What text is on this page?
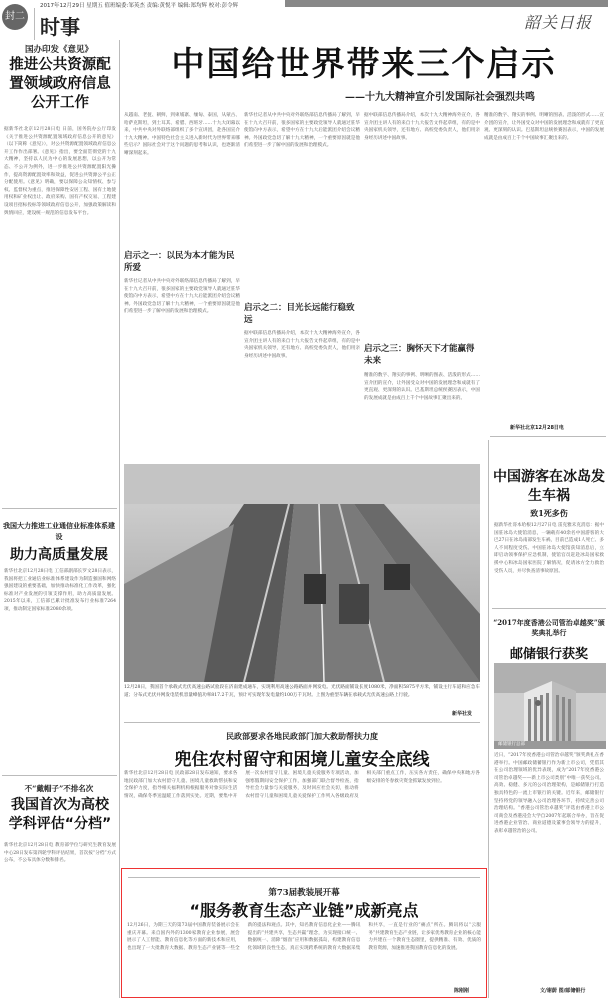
封二
2017年12月29日 星期五 值班编委:邹英杰 责编:黄悦平 编辑:郑均辉 校对:彭令辉
时事	韶关日报
国办印发《意见》
推进公共资源配置领域政府信息公开工作
据新华社北京12月28日电 日前，国务院办公厅印发《关于推进公共资源配置领域政府信息公开的意见》（以下简称《意见》），对公共资源配置领域政府信息公开工作作出部署。《意见》指出，要全面贯彻党的十九大精神，坚持以人民为中心的发展思想，以公开为常态、不公开为例外，进一步推进公共资源配置阳光操作，提高资源配置效率和效益，促进公共资源公平公正分配使用。《意见》明确，要以保障公众知情权、参与权、监督权为重点，推进保障性安居工程、国有土地使用权和矿业权出让、政府采购、国有产权交易、工程建设项目招标投标等领域政府信息公开，加强政策解读和舆情回应，建设统一规范的信息发布平台。
我国大力推进工业通信业标准体系建设
助力高质量发展
新华社北京12月28日电 工信部副部长罗文28日表示，我国将把工业通信业标准体系建设作为制造强国和网络强国建设的重要基础，加快推动标准化工作改革，强化标准对产业发展的引领支撑作用，助力高质量发展。2015年以来，工信部已累计批准发布行业标准7264项，推动制定国家标准2080余项。
不“戴帽子”不排名次
我国首次为高校学科评估“分档”
新华社北京12月28日电 教育部学位与研究生教育发展中心28日发布第四轮学科评估结果，首次按“分档”方式公布，不公布具体分数和排名。
中国给世界带来三个启示
——十九大精神宣介引发国际社会强烈共鸣
从越南、老挝、朝鲜，到柬埔寨、缅甸、泰国，从蒙古、哈萨克斯坦，到土耳其、希腊、西班牙……十九大闭幕以来，中共中央对外联络部组织了多个宣讲团，赴各国宣介十九大精神。中国特色社会主义进入新时代为世界带来哪些启示？国际社会对于这个问题的思考和认识，也逐渐清晰深刻起来。
启示之一：以民为本才能为民所爱
新华社记者从中共中央对外联络部信息传播局了解到，早在十九大召开前，很多国家的主要政党领导人就通过驻华使馆向中方表示，希望中方在十九大后能派团介绍会议精神。外国政党急切了解十九大精神，一个重要原因就是他们希望进一步了解中国的发展和治理模式。
新华社记者从中共中央对外联络部信息传播局了解到，早在十九大召开前，很多国家的主要政党领导人就通过驻华使馆向中方表示，希望中方在十九大后能派团介绍会议精神。外国政党急切了解十九大精神，一个重要原因就是他们希望进一步了解中国的发展和治理模式。
启示之二：目光长远能行稳致远
据中联部信息传播局介绍，本次十九大精神海外宣介，各宣介团主讲人有的来自十九大报告文件起草组，有的是中央国家机关领导，还有地方、高校党委负责人，他们用亲身经历讲述中国故事。
据中联部信息传播局介绍，本次十九大精神海外宣介，各宣介团主讲人有的来自十九大报告文件起草组，有的是中央国家机关领导，还有地方、高校党委负责人，他们用亲身经历讲述中国故事。
启示之三：胸怀天下才能赢得未来
精准的数字、翔实的事例、明晰的图表、活泼的形式……宣介团的宣介，让外国受众对中国的发展理念和成就有了更直观、更深刻的认识。巴基斯坦总统侯赛因表示，中国的发展成就是由成百上千个中国故事汇聚出来的。
精准的数字、翔实的事例、明晰的图表、活泼的形式……宣介团的宣介，让外国受众对中国的发展理念和成就有了更直观、更深刻的认识。巴基斯坦总统侯赛因表示，中国的发展成就是由成百上千个中国故事汇聚出来的。
新华社北京12月28日电
12月28日，我国首个承载式光伏高速公路试验段在济南建成通车，实现利用高速公路路面并网发电。光伏路面铺设长度1080米，净面积5875平方米，铺设主行车道和应急车道；分布式光伏并网发电装机容量峰值功率817.2千瓦，预计可实现年发电量约100万千瓦时。上图为重型车辆在承载式光伏高速公路上行驶。
新华社发
民政部要求各地民政部门加大救助帮扶力度
兜住农村留守和困境儿童安全底线
新华社北京12月28日电 民政部28日发布通知，要求各地民政部门加大农村留守儿童、困境儿童救助帮扶和安全保护力度，指导相关福利机构根据服务对象实际生活情况，确保冬季送温暖工作落到实处。近期，要集中开展一次农村留守儿童、困境儿童关爱服务专项活动，加强寒假期间安全保护工作，加强部门联合督导检查，指导社会力量参与关爱服务，及时回应社会关切，推动将农村留守儿童和困境儿童关爱保护工作列入各级政府及相关部门重点工作，压实各方责任，确保中央和地方各级安排的冬春救灾资金抓紧发放到位。
第73届教装展开幕
“服务教育生态产业链”成新亮点
12月26日，为期三天的第73届中国教育装备展示会在重庆开幕。来自国内外的1300家教育企业参展，展会展示了人工智能、教育信息化等方面的新技术和应用，也出现了一大批教育大数据、教育生态产业链等一些全新的提法和观点。其中，知名教育信息化企业——腾讯提出的“共建共享，生态共赢”理念，为实现接口统一、数据统一、消除“烟囱”应用和数据孤岛，构建教育信息化领域的良性生态，真正实现跨系统的教育大数据采集和共享，一直是行业的“痛点”所在。腾讯将以“云服务”共建教育生态产业链，让多家优秀教育企业的核心能力共建在一个教育生态圈里，提供精准、有效、优质的教育资源，加速推进我国教育信息化的发展。
陈刚刚
中国游客在冰岛发生车祸
致1死多伤
据新华社哥本哈根12月27日电 雷克雅未克消息：据中国驻冰岛大使馆消息，一辆载有40余名中国游客的大巴27日在冰岛南部发生车祸，目前已造成1人死亡、多人不同程度受伤。中国驻冰岛大使馆获知消息后，立即启动领事保护应急机制，使馆官员赶赴冰岛国家救援中心和冰岛国家医院了解情况，促请冰方全力救治受伤人员，并尽快查清事故原因。
“2017年度香港公司管治卓越奖”颁奖典礼举行
邮储银行获奖
邮储银行总部
近日，“2017年度香港公司管治卓越奖”颁奖典礼在香港举行。中国邮政储蓄银行作为新上市公司，凭借其在公司治理领域的优异表现，成为“2017年度香港公司管治卓越奖——新上市公司类别”中唯一获奖公司。高效、稳健、多元的公司治理架构，是邮储银行打造独具特色的一流上市银行的关键。近年来，邮储银行坚持将党的领导融入公司治理各环节，持续完善公司治理结构。“香港公司管治卓越奖”评选由香港上市公司商会及香港浸会大学自2007年起联合举办，旨在促进香港企业管治、商业道德及董事会领导力的提升，表彰卓越管治的公司。
文/谢蔚 图/邮储银行
